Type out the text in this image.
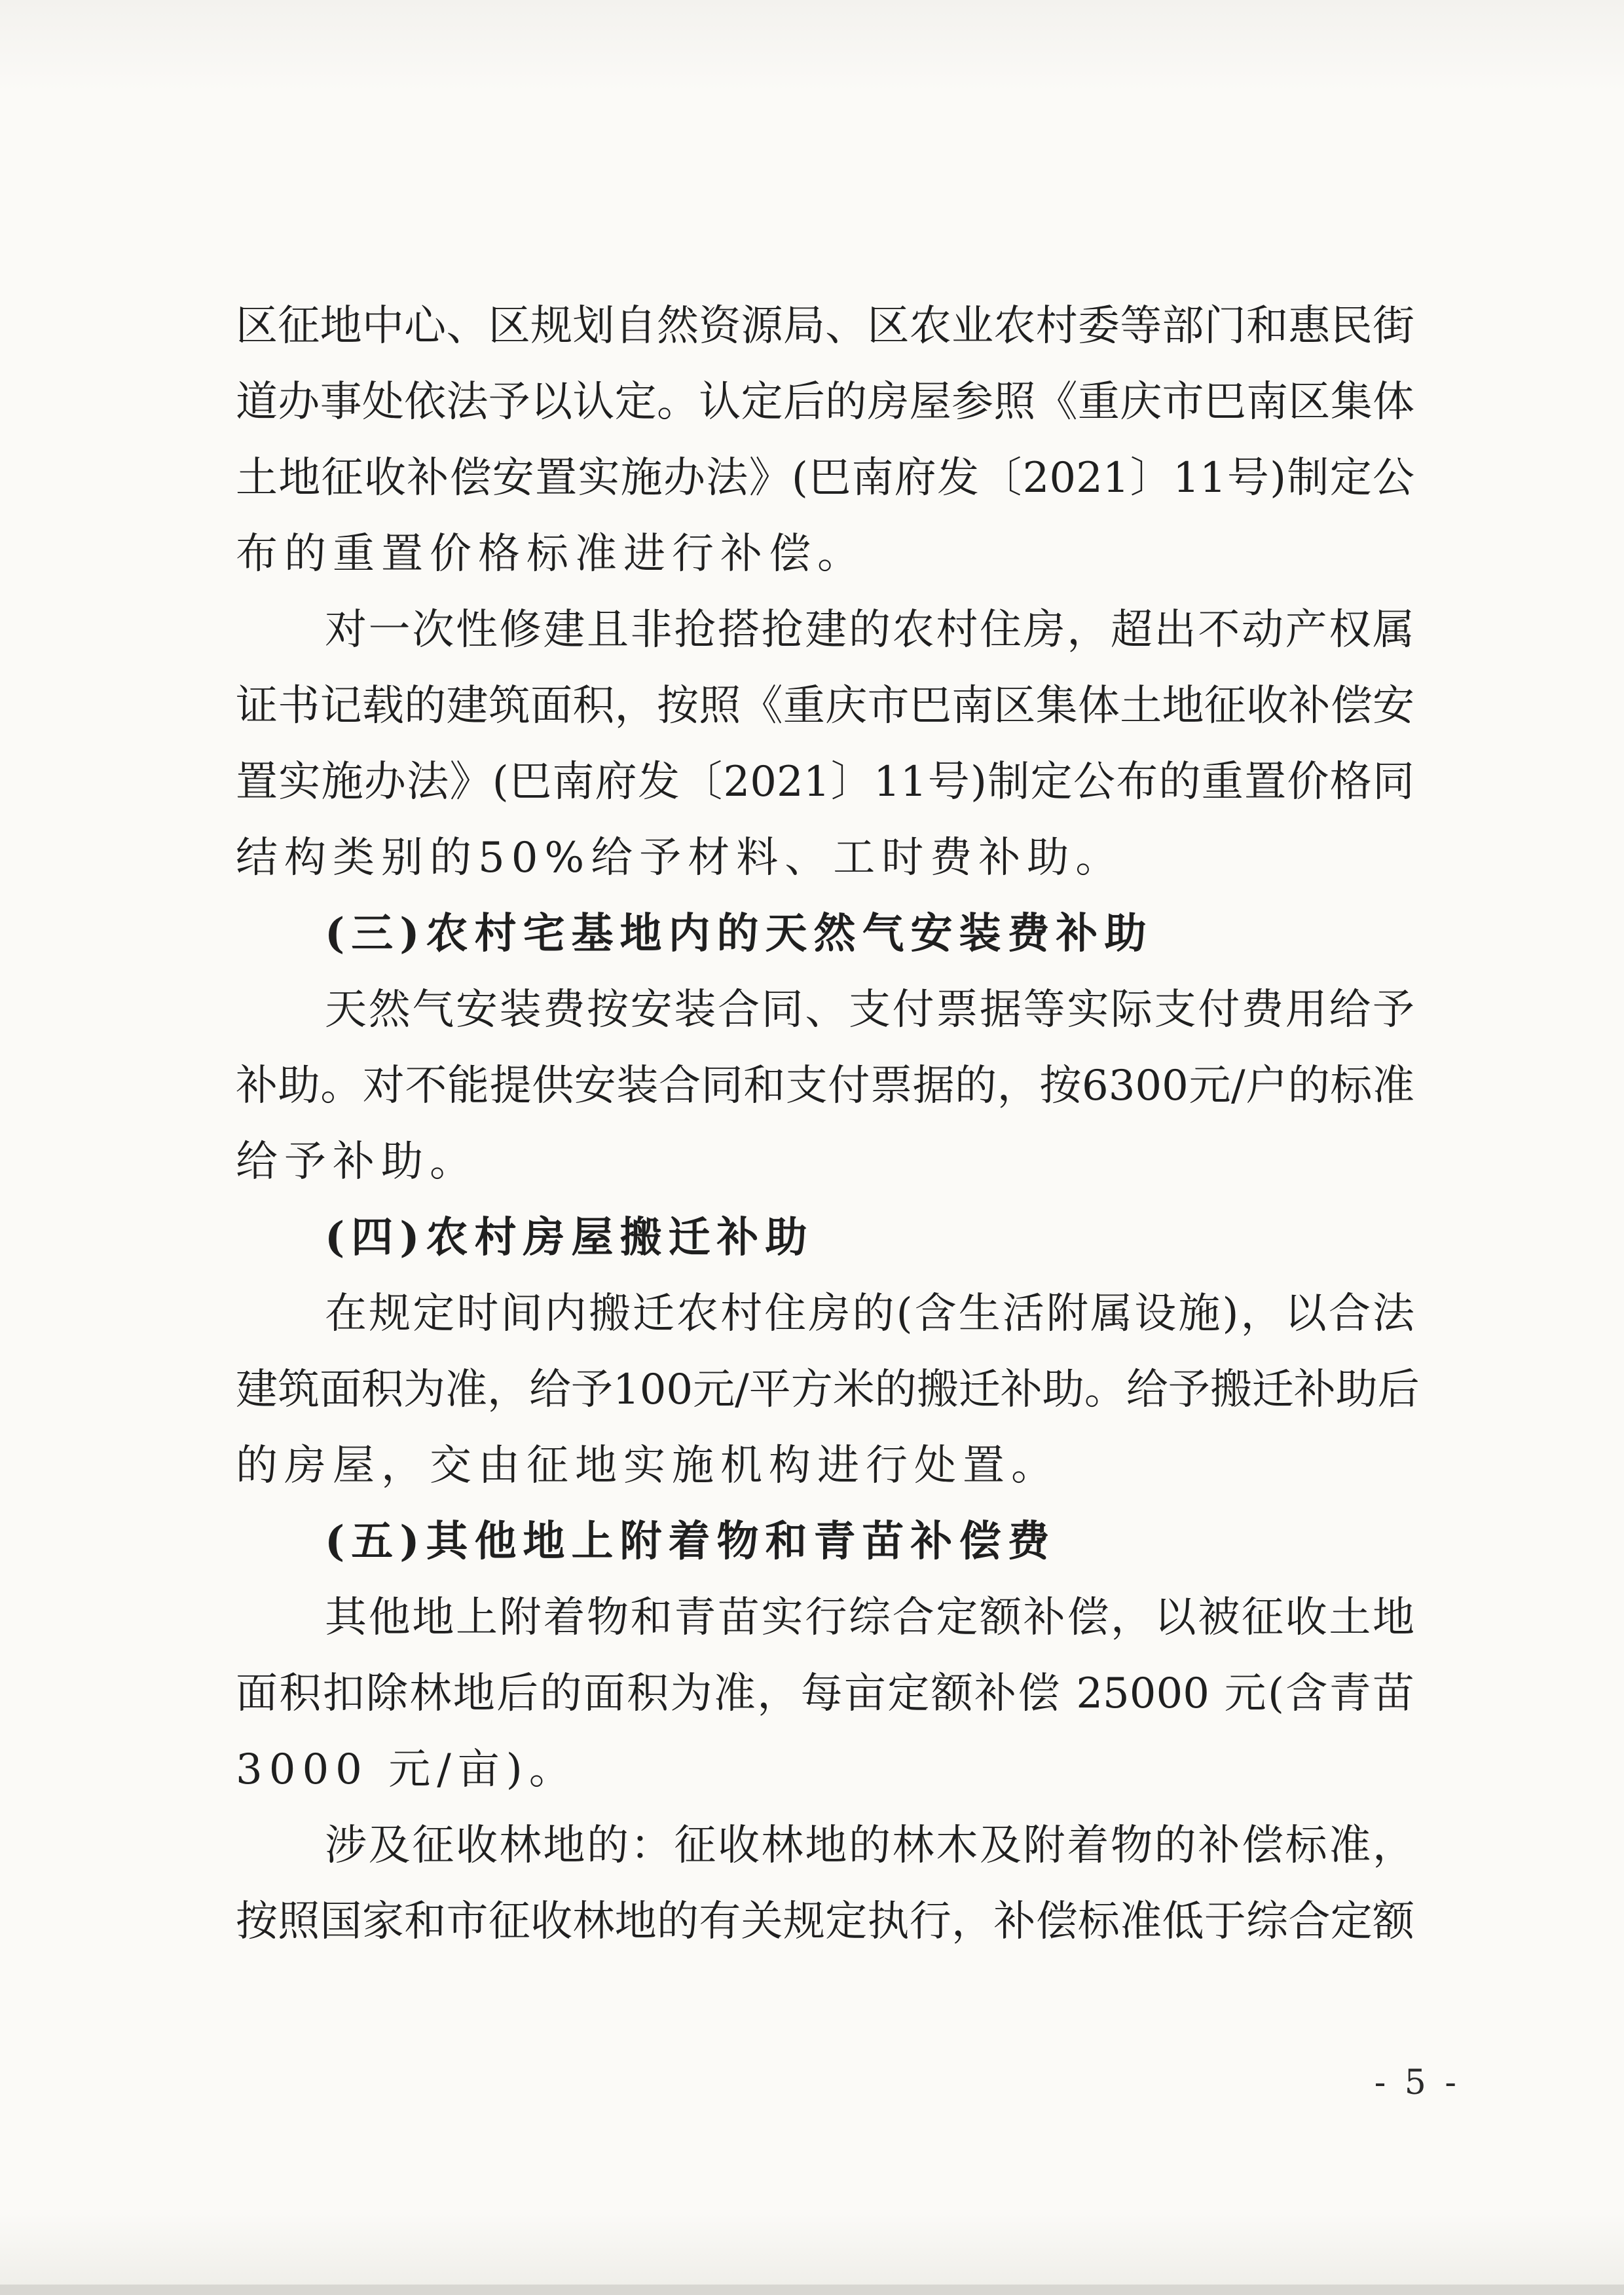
区征地中心、区规划自然资源局、区农业农村委等部门和惠民街
道办事处依法予以认定。认定后的房屋参照《重庆市巴南区集体
土地征收补偿安置实施办法》(巴南府发〔2021〕11号)制定公
布的重置价格标准进行补偿。
对一次性修建且非抢搭抢建的农村住房，超出不动产权属
证书记载的建筑面积，按照《重庆市巴南区集体土地征收补偿安
置实施办法》(巴南府发〔2021〕11号)制定公布的重置价格同
结构类别的50%给予材料、工时费补助。
(三)农村宅基地内的天然气安装费补助
天然气安装费按安装合同、支付票据等实际支付费用给予
补助。对不能提供安装合同和支付票据的，按6300元/户的标准
给予补助。
(四)农村房屋搬迁补助
在规定时间内搬迁农村住房的(含生活附属设施)，以合法
建筑面积为准，给予100元/平方米的搬迁补助。给予搬迁补助后
的房屋，交由征地实施机构进行处置。
(五)其他地上附着物和青苗补偿费
其他地上附着物和青苗实行综合定额补偿，以被征收土地
面积扣除林地后的面积为准，每亩定额补偿 25000 元(含青苗
3000 元/亩)。
涉及征收林地的：征收林地的林木及附着物的补偿标准，
按照国家和市征收林地的有关规定执行，补偿标准低于综合定额
- 5 -
